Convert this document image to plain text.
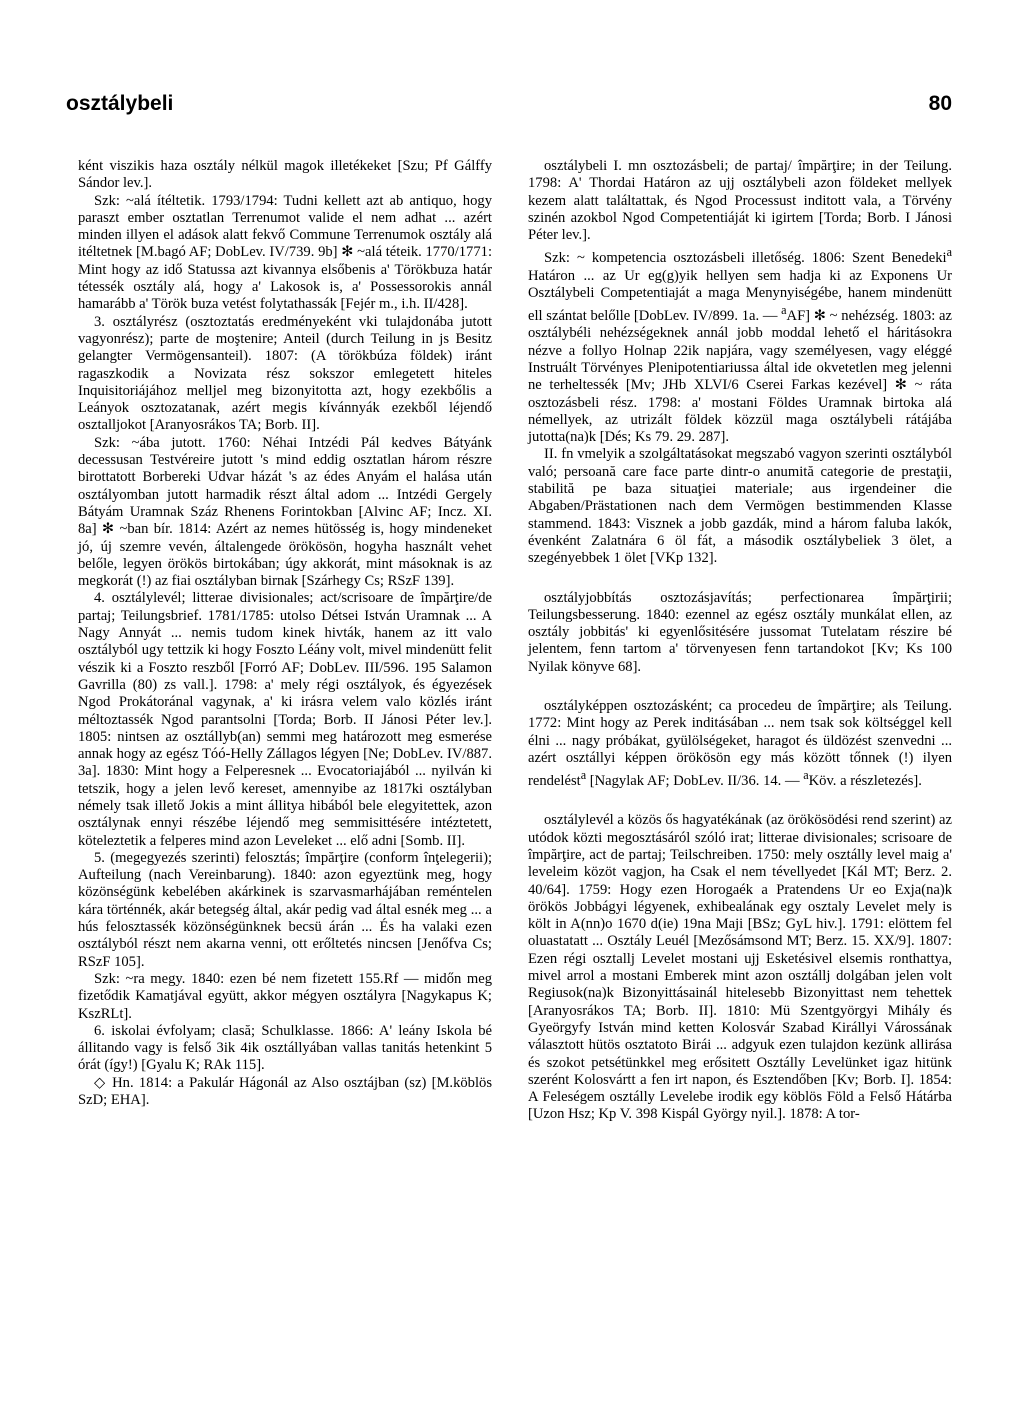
osztálybeli	80

ként viszikis haza osztály nélkül magok illetékeket [Szu; Pf Gálffy Sándor lev.].

Szk: ~alá ítéltetik. 1793/1794: Tudni kellett azt ab antiquo, hogy paraszt ember osztatlan Terrenumot valide el nem adhat ... azért minden illyen el adások alatt fekvő Commune Terrenumok osztály alá itéltetnek [M.bagó AF; DobLev. IV/739. 9b] ✻ ~alá téteik. 1770/1771: Mint hogy az idő Statussa azt kivannya elsőbenis a' Törökbuza határ tétessék osztály alá, hogy a' Lakosok is, a' Possessorokis annál hamarább a' Török buza vetést folytathassák [Fejér m., i.h. II/428].

3. osztályrész (osztoztatás eredményeként vki tulajdonába jutott vagyonrész); parte de moştenire; Anteil (durch Teilung in js Besitz gelangter Vermögensanteil). 1807: (A törökbúza földek) iránt ragaszkodik a Novizata rész sokszor emlegetett hiteles Inquisitoriájához melljel meg bizonyitotta azt, hogy ezekbőlis a Leányok osztozatanak, azért megis kívánnyák ezekből léjendő osztalljokot [Aranyosrákos TA; Borb. II].

Szk: ~ába jutott. 1760: Néhai Intzédi Pál kedves Bátyánk decessusan Testvéreire jutott 's mind eddig osztatlan három részre birottatott Borbereki Udvar házát 's az édes Anyám el halása után osztályomban jutott harmadik részt által adom ... Intzédi Gergely Bátyám Uramnak Száz Rhenens Forintokban [Alvinc AF; Incz. XI. 8a] ✻ ~ban bír. 1814: Azért az nemes hütösség is, hogy mindeneket jó, új szemre vevén, általengede örökösön, hogyha használt vehet belőle, legyen örökös birtokában; úgy akkorát, mint másoknak is az megkorát (!) az fiai osztályban birnak [Szárhegy Cs; RSzF 139].

4. osztálylevél; litterae divisionales; act/scrisoare de împărţire/de partaj; Teilungsbrief. 1781/1785: utolso Détsei István Uramnak ... A Nagy Annyát ... nemis tudom kinek hivták, hanem az itt valo osztályból ugy tettzik ki hogy Foszto Léány volt, mivel mindenütt felit vészik ki a Foszto reszből [Forró AF; DobLev. III/596. 195 Salamon Gavrilla (80) zs vall.]. 1798: a' mely régi osztályok, és égyezések Ngod Prokátoránal vagynak, a' ki irásra velem valo közlés iránt méltoztassék Ngod parantsolni [Torda; Borb. II Jánosi Péter lev.]. 1805: nintsen az osztállyb(an) semmi meg határozott meg esmerése annak hogy az egész Tóó-Helly Zállagos légyen [Ne; DobLev. IV/887. 3a]. 1830: Mint hogy a Felperesnek ... Evocatoriajából ... nyilván ki tetszik, hogy a jelen levő kereset, amennyibe az 1817ki osztályban némely tsak illető Jokis a mint állitya hibából bele elegyitettek, azon osztálynak ennyi részébe léjendő meg semmisittésére intéztetett, köteleztetik a felperes mind azon Leveleket ... elő adni [Somb. II].

5. (megegyezés szerinti) felosztás; împărţire (conform înţelegerii); Aufteilung (nach Vereinbarung). 1840: azon egyeztünk meg, hogy közönségünk kebelében akárkinek is szarvasmarhájában reméntelen kára történnék, akár betegség által, akár pedig vad által esnék meg ... a hús felosztassék közönségünknek becsü árán ... És ha valaki ezen osztályból részt nem akarna venni, ott erőltetés nincsen [Jenőfva Cs; RSzF 105].

Szk: ~ra megy. 1840: ezen bé nem fizetett 155.Rf — midőn meg fizetődik Kamatjával együtt, akkor mégyen osztályra [Nagykapus K; KszRLt].

6. iskolai évfolyam; clasă; Schulklasse. 1866: A' leány Iskola bé állitando vagy is felső 3ik 4ik osztállyában vallas tanitás hetenkint 5 órát (így!) [Gyalu K; RAk 115].

◇ Hn. 1814: a Pakulár Hágonál az Also osztájban (sz) [M.köblös SzD; EHA].

osztálybeli I. mn osztozásbeli; de partaj/ împărţire; in der Teilung. 1798: A' Thordai Határon az ujj osztálybeli azon földeket mellyek kezem alatt találtattak, és Ngod Processust inditott vala, a Törvény szinén azokbol Ngod Competentiáját ki igirtem [Torda; Borb. I Jánosi Péter lev.].

Szk: ~ kompetencia osztozásbeli illetőség. 1806: Szent Benedeki$^a$ Határon ... az Ur eg(g)yik hellyen sem hadja ki az Exponens Ur Osztálybeli Competentiaját a maga Menynyiségébe, hanem mindenütt ell szántat belőlle [DobLev. IV/899. 1a. — $^a$AF] ✻ ~ nehézség. 1803: az osztálybéli nehézségeknek annál jobb moddal lehető el háritásokra nézve a follyo Holnap 22ik napjára, vagy személyesen, vagy eléggé Instruált Törvényes Plenipotentiariussa által ide okvetetlen meg jelenni ne terheltessék [Mv; JHb XLVI/6 Cserei Farkas kezével] ✻ ~ ráta osztozásbeli rész. 1798: a' mostani Földes Uramnak birtoka alá némellyek, az utrizált földek közzül maga osztálybeli rátájába jutotta(na)k [Dés; Ks 79. 29. 287].

II. fn vmelyik a szolgáltatásokat megszabó vagyon szerinti osztályból való; persoană care face parte dintr-o anumită categorie de prestaţii, stabilită pe baza situaţiei materiale; aus irgendeiner die Abgaben/Prästationen nach dem Vermögen bestimmenden Klasse stammend. 1843: Visznek a jobb gazdák, mind a három faluba lakók, évenként Zalatnára 6 öl fát, a második osztálybeliek 3 ölet, a szegényebbek 1 ölet [VKp 132].

osztályjobbítás osztozásjavítás; perfectionarea împărţirii; Teilungsbesserung. 1840: ezennel az egész osztály munkálat ellen, az osztály jobbitás' ki egyenlősitésére jussomat Tutelatam részire bé jelentem, fenn tartom a' törvenyesen fenn tartandokot [Kv; Ks 100 Nyilak könyve 68].

osztályképpen osztozásként; ca procedeu de împărţire; als Teilung. 1772: Mint hogy az Perek inditásában ... nem tsak sok költséggel kell élni ... nagy próbákat, gyülölségeket, haragot és üldözést szenvedni ... azért osztállyi képpen örökösön egy más között tőnnek (!) ilyen rendelést$^a$ [Nagylak AF; DobLev. II/36. 14. — $^a$Köv. a részletezés].

osztálylevél a közös ős hagyatékának (az örökösödési rend szerint) az utódok közti megosztásáról szóló irat; litterae divisionales; scrisoare de împărţire, act de partaj; Teilschreiben. 1750: mely osztálly level maig a' leveleim közöt vagjon, ha Csak el nem tévellyedet [Kál MT; Berz. 2. 40/64]. 1759: Hogy ezen Horogaék a Pratendens Ur eo Exja(na)k örökös Jobbágyi légyenek, exhibealának egy osztaly Levelet mely is költ in A(nn)o 1670 d(ie) 19na Maji [BSz; GyL hiv.]. 1791: elöttem fel oluastatatt ... Osztály Leuél [Mezősámsond MT; Berz. 15. XX/9]. 1807: Ezen régi osztallj Levelet mostani ujj Esketésivel elsemis ronthattya, mivel arrol a mostani Emberek mint azon osztállj dolgában jelen volt Regiusok(na)k Bizonyittásainál hitelesebb Bizonyittast nem tehettek [Aranyosrákos TA; Borb. II]. 1810: Mü Szentgyörgyi Mihály és Gyeörgyfy István mind ketten Kolosvár Szabad Királlyi Várossának választott hütös osztatoto Birái ... adgyuk ezen tulajdon kezünk allirása és szokot petsétünkkel meg erősitett Osztálly Levelünket igaz hitünk szerént Kolosvártt a fen irt napon, és Esztendőben [Kv; Borb. I]. 1854: A Feleségem osztálly Levelebe irodik egy köblös Föld a Felső Hátárba [Uzon Hsz; Kp V. 398 Kispál György nyil.]. 1878: A tor-
